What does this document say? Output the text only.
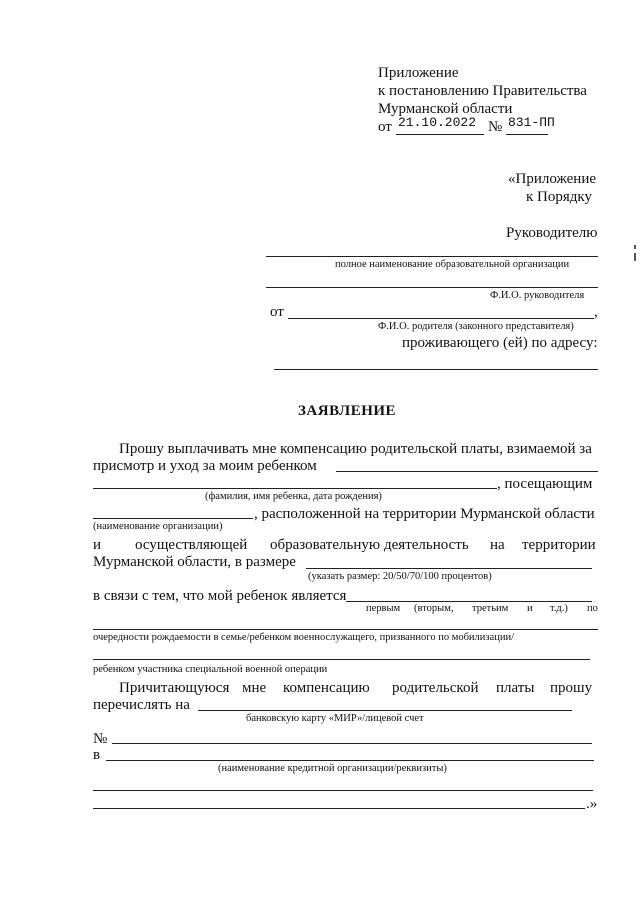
Приложение
к постановлению Правительства
Мурманской области
от 21.10.2022 № 831-ПП
«Приложение
к Порядку
Руководителю
полное наименование образовательной организации
Ф.И.О. руководителя
от	,
Ф.И.О. родителя (законного представителя)
проживающего (ей) по адресу:
ЗАЯВЛЕНИЕ
Прошу выплачивать мне компенсацию родительской платы, взимаемой за
присмотр и уход за моим ребенком
, посещающим
(фамилия, имя ребенка, дата рождения)
, расположенной на территории Мурманской области
(наименование организации)
и осуществляющей образовательную деятельность на территории
Мурманской области, в размере
(указать размер: 20/50/70/100 процентов)
в связи с тем, что мой ребенок является
первым (вторым, третьим и т.д.) по
очередности рождаемости в семье/ребенком военнослужащего, призванного по мобилизации/
ребенком участника специальной военной операции
Причитающуюся мне компенсацию родительской платы прошу
перечислять на
банковскую карту «МИР»/лицевой счет
№
в
(наименование кредитной организации/реквизиты)
.»
